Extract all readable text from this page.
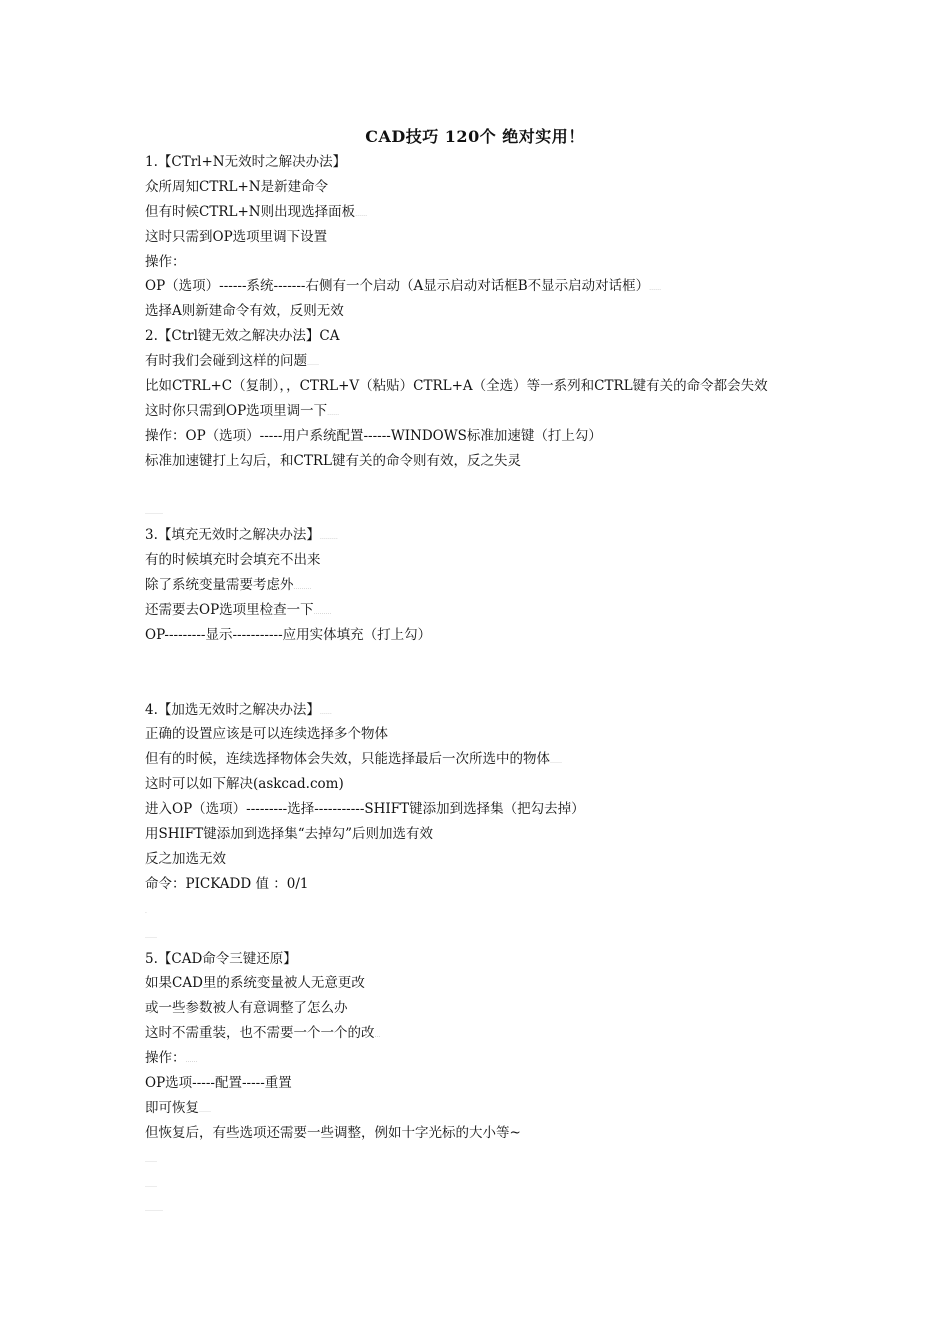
CAD技巧 120个 绝对实用！
1.【CTrl+N无效时之解决办法】
众所周知CTRL+N是新建命令
但有时候CTRL+N则出现选择面板……
这时只需到OP选项里调下设置
操作：
OP（选项）------系统-------右侧有一个启动（A显示启动对话框B不显示启动对话框）……
选择A则新建命令有效，反则无效
2.【Ctrl键无效之解决办法】CA
有时我们会碰到这样的问题……
比如CTRL+C（复制），，CTRL+V（粘贴）CTRL+A（全选）等一系列和CTRL键有关的命令都会失效
这时你只需到OP选项里调一下……
操作：OP（选项）-----用户系统配置------WINDOWS标准加速键（打上勾）
标准加速键打上勾后，和CTRL键有关的命令则有效，反之失灵
………
3.【填充无效时之解决办法】………
有的时候填充时会填充不出来
除了系统变量需要考虑外………
还需要去OP选项里检查一下………
OP---------显示-----------应用实体填充（打上勾）
4.【加选无效时之解决办法】……
正确的设置应该是可以连续选择多个物体
但有的时候，连续选择物体会失效，只能选择最后一次所选中的物体……
这时可以如下解决(askcad.com)
进入OP（选项）---------选择-----------SHIFT键添加到选择集（把勾去掉）
用SHIFT键添加到选择集“去掉勾”后则加选有效
反之加选无效
命令：PICKADD 值 ：0/1
.
……
5.【CAD命令三键还原】
如果CAD里的系统变量被人无意更改
或一些参数被人有意调整了怎么办
这时不需重装，也不需要一个一个的改…
操作：……
OP选项-----配置-----重置
即可恢复……
但恢复后，有些选项还需要一些调整，例如十字光标的大小等~
……
……
………
